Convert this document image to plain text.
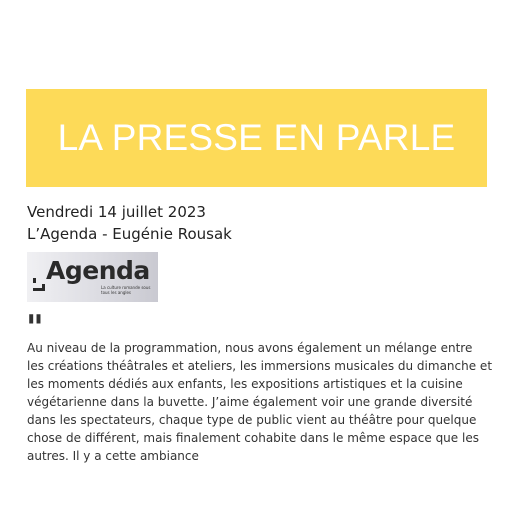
LA PRESSE EN PARLE
Vendredi 14 juillet 2023
L’Agenda - Eugénie Rousak
Agenda
La culture romande sous tous les angles
"

Au niveau de la programmation, nous avons également un mélange entre les créations théâtrales et ateliers, les immersions musicales du dimanche et les moments dédiés aux enfants, les expositions artistiques et la cuisine végétarienne dans la buvette. J’aime également voir une grande diversité dans les spectateurs, chaque type de public vient au théâtre pour quelque chose de différent, mais finalement cohabite dans le même espace que les autres. Il y a cette ambiance
